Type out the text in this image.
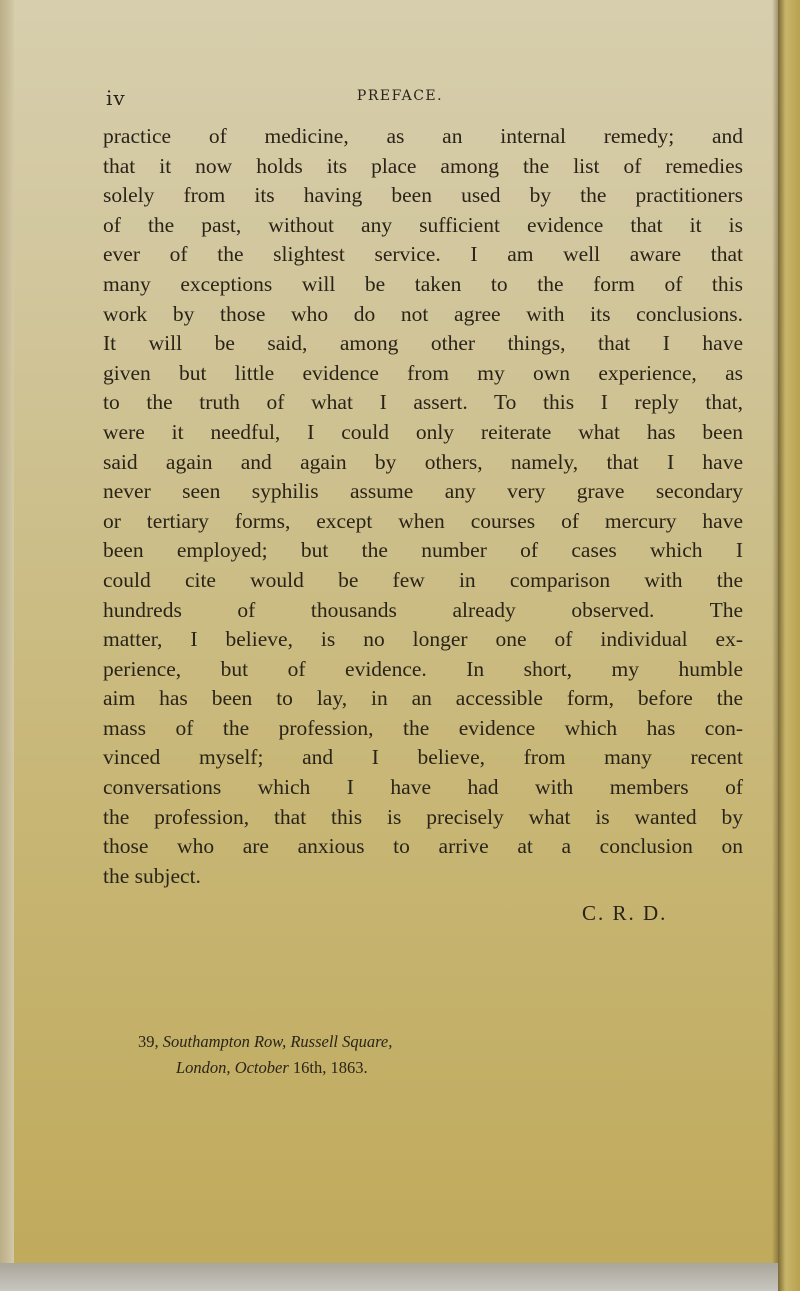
iv	PREFACE.
practice of medicine, as an internal remedy; and
that it now holds its place among the list of remedies
solely from its having been used by the practitioners
of the past, without any sufficient evidence that it is
ever of the slightest service. I am well aware that
many exceptions will be taken to the form of this
work by those who do not agree with its conclusions.
It will be said, among other things, that I have
given but little evidence from my own experience, as
to the truth of what I assert. To this I reply that,
were it needful, I could only reiterate what has been
said again and again by others, namely, that I have
never seen syphilis assume any very grave secondary
or tertiary forms, except when courses of mercury have
been employed; but the number of cases which I
could cite would be few in comparison with the
hundreds of thousands already observed. The
matter, I believe, is no longer one of individual ex-
perience, but of evidence. In short, my humble
aim has been to lay, in an accessible form, before the
mass of the profession, the evidence which has con-
vinced myself; and I believe, from many recent
conversations which I have had with members of
the profession, that this is precisely what is wanted by
those who are anxious to arrive at a conclusion on
the subject.
C. R. D.
39, Southampton Row, Russell Square,
London, October 16th, 1863.
